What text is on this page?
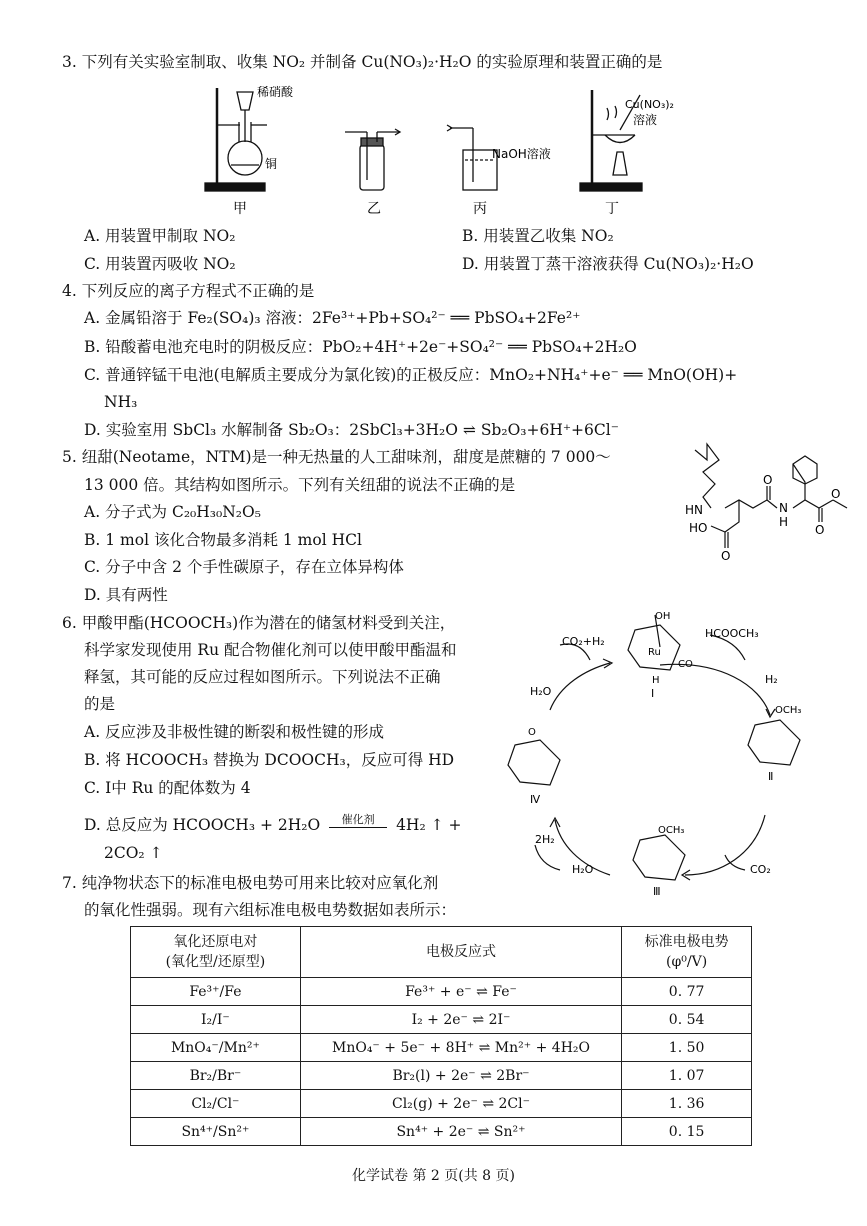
3. 下列有关实验室制取、收集 NO₂ 并制备 Cu(NO₃)₂·H₂O 的实验原理和装置正确的是
稀硝酸
铜
NaOH溶液
Cu(NO₃)₂
溶液
甲	乙	丙	丁
A. 用装置甲制取 NO₂	B. 用装置乙收集 NO₂
C. 用装置丙吸收 NO₂	D. 用装置丁蒸干溶液获得 Cu(NO₃)₂·H₂O
4. 下列反应的离子方程式不正确的是
A. 金属铅溶于 Fe₂(SO₄)₃ 溶液：2Fe³⁺+Pb+SO₄²⁻ ══ PbSO₄+2Fe²⁺
B. 铅酸蓄电池充电时的阴极反应：PbO₂+4H⁺+2e⁻+SO₄²⁻ ══ PbSO₄+2H₂O
C. 普通锌锰干电池(电解质主要成分为氯化铵)的正极反应：MnO₂+NH₄⁺+e⁻ ══ MnO(OH)+
NH₃
D. 实验室用 SbCl₃ 水解制备 Sb₂O₃：2SbCl₃+3H₂O ⇌ Sb₂O₃+6H⁺+6Cl⁻
5. 纽甜(Neotame，NTM)是一种无热量的人工甜味剂，甜度是蔗糖的 7 000～
13 000 倍。其结构如图所示。下列有关纽甜的说法不正确的是
A. 分子式为 C₂₀H₃₀N₂O₅
B. 1 mol 该化合物最多消耗 1 mol HCl
C. 分子中含 2 个手性碳原子，存在立体异构体
D. 具有两性
HN	N
H
O
O
O
HO
O
6. 甲酸甲酯(HCOOCH₃)作为潜在的储氢材料受到关注，
科学家发现使用 Ru 配合物催化剂可以使甲酸甲酯温和
释氢，其可能的反应过程如图所示。下列说法不正确
的是
A. 反应涉及非极性键的断裂和极性键的形成
B. 将 HCOOCH₃ 替换为 DCOOCH₃，反应可得 HD
C. Ⅰ中 Ru 的配体数为 4
D. 总反应为 HCOOCH₃ + 2H₂O	催化剂	4H₂ ↑ +
2CO₂ ↑
CO₂+H₂
HCOOCH₃
H₂O
H₂
2H₂
H₂O	CO₂
Ru
CO
OH
OCH₃
OCH₃
O
H
Ⅰ
Ⅱ
Ⅲ
Ⅳ
7. 纯净物状态下的标准电极电势可用来比较对应氧化剂
的氧化性强弱。现有六组标准电极电势数据如表所示：
氧化还原电对
(氧化型/还原型)	电极反应式	标准电极电势
(φ⁰/V)
Fe³⁺/Fe	Fe³⁺ + e⁻ ⇌ Fe⁻	0. 77
I₂/I⁻	I₂ + 2e⁻ ⇌ 2I⁻	0. 54
MnO₄⁻/Mn²⁺	MnO₄⁻ + 5e⁻ + 8H⁺ ⇌ Mn²⁺ + 4H₂O	1. 50
Br₂/Br⁻	Br₂(l) + 2e⁻ ⇌ 2Br⁻	1. 07
Cl₂/Cl⁻	Cl₂(g) + 2e⁻ ⇌ 2Cl⁻	1. 36
Sn⁴⁺/Sn²⁺	Sn⁴⁺ + 2e⁻ ⇌ Sn²⁺	0. 15
化学试卷 第 2 页(共 8 页)
